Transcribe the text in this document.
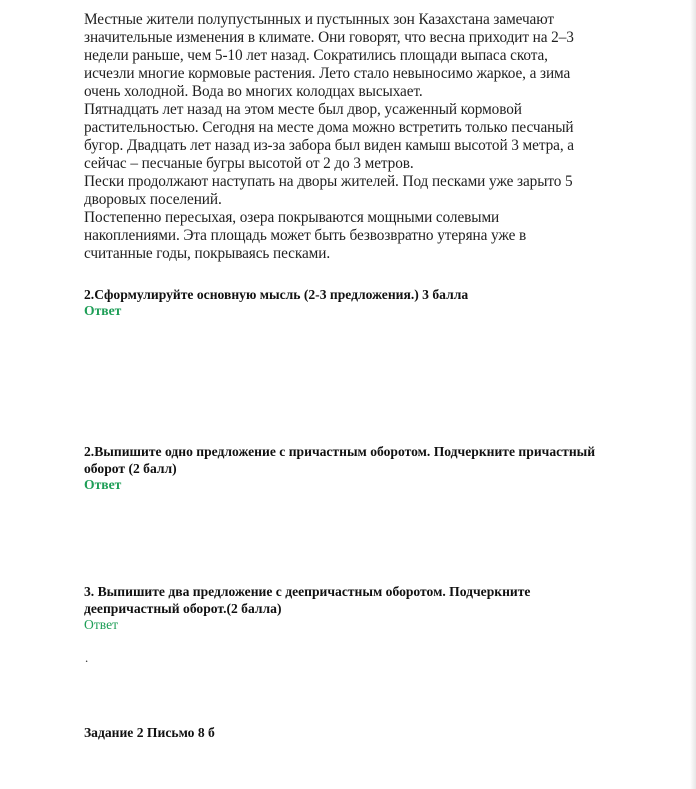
Местные жители полупустынных и пустынных зон Казахстана замечают
значительные изменения в климате. Они говорят, что весна приходит на 2–3
недели раньше, чем 5-10 лет назад. Сократились площади выпаса скота,
исчезли многие кормовые растения. Лето стало невыносимо жаркое, а зима
очень холодной. Вода во многих колодцах высыхает.

Пятнадцать лет назад на этом месте был двор, усаженный кормовой
растительностью. Сегодня на месте дома можно встретить только песчаный
бугор. Двадцать лет назад из-за забора был виден камыш высотой 3 метра, а
сейчас – песчаные бугры высотой от 2 до 3 метров.

Пески продолжают наступать на дворы жителей. Под песками уже зарыто 5
дворовых поселений.

Постепенно пересыхая, озера покрываются мощными солевыми
накоплениями. Эта площадь может быть безвозвратно утеряна уже в
считанные годы, покрываясь песками.

2.Сформулируйте основную мысль (2-3 предложения.) 3 балла

Ответ

2.Выпишите одно предложение с причастным оборотом. Подчеркните причастный
оборот (2 балл)

Ответ

3. Выпишите два предложение с деепричастным оборотом. Подчеркните
деепричастный оборот.(2 балла)

Ответ

.

Задание 2 Письмо 8 б
